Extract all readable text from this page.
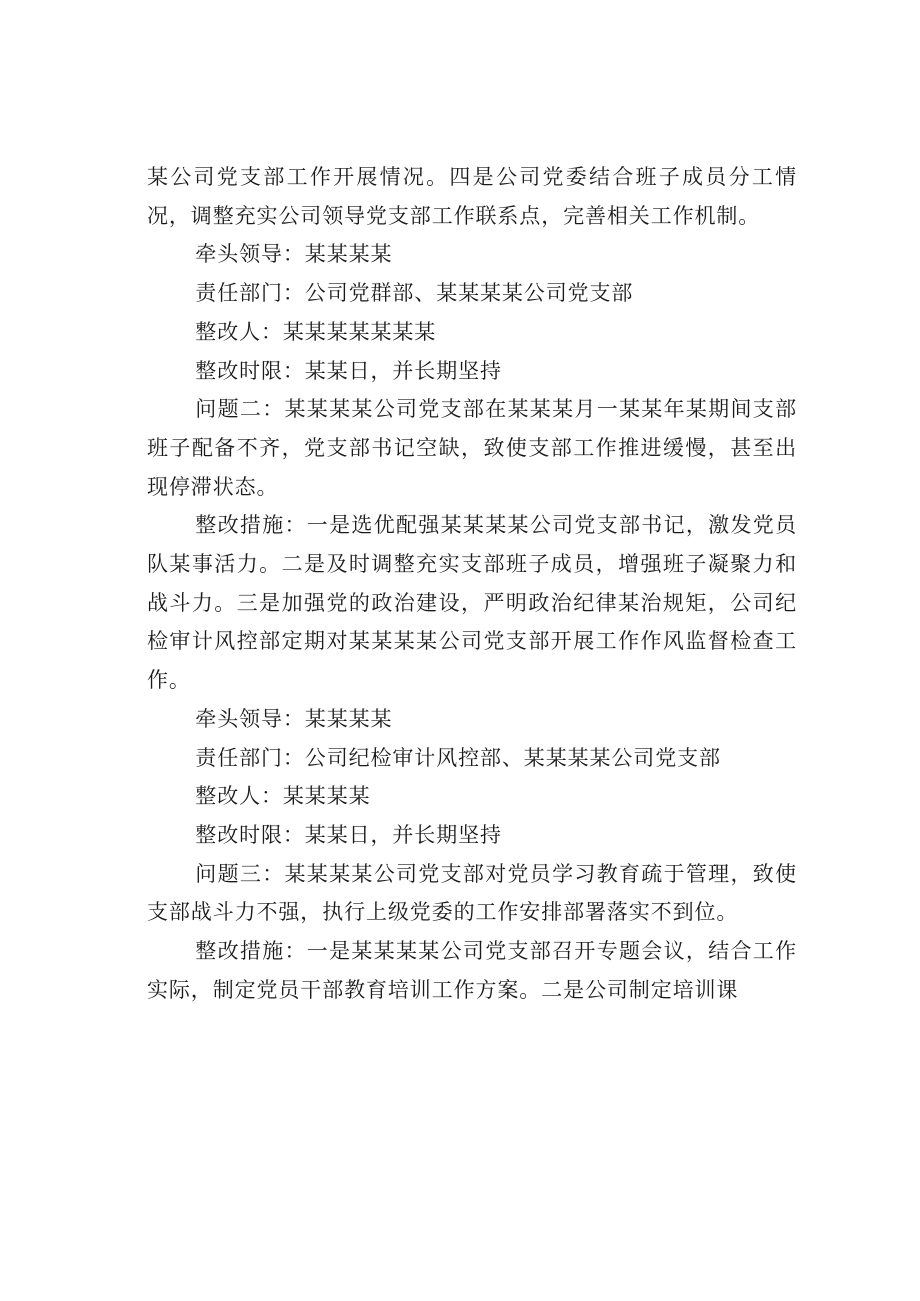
某公司党支部工作开展情况。四是公司党委结合班子成员分工情况，调整充实公司领导党支部工作联系点，完善相关工作机制。

牵头领导：某某某某

责任部门：公司党群部、某某某某公司党支部

整改人：某某某某某某某

整改时限：某某日，并长期坚持

问题二：某某某某公司党支部在某某某月一某某年某期间支部班子配备不齐，党支部书记空缺，致使支部工作推进缓慢，甚至出现停滞状态。

整改措施：一是选优配强某某某某公司党支部书记，激发党员队某事活力。二是及时调整充实支部班子成员，增强班子凝聚力和战斗力。三是加强党的政治建设，严明政治纪律某治规矩，公司纪检审计风控部定期对某某某某公司党支部开展工作作风监督检查工作。

牵头领导：某某某某

责任部门：公司纪检审计风控部、某某某某公司党支部

整改人：某某某某

整改时限：某某日，并长期坚持

问题三：某某某某公司党支部对党员学习教育疏于管理，致使支部战斗力不强，执行上级党委的工作安排部署落实不到位。

整改措施：一是某某某某公司党支部召开专题会议，结合工作实际，制定党员干部教育培训工作方案。二是公司制定培训课
